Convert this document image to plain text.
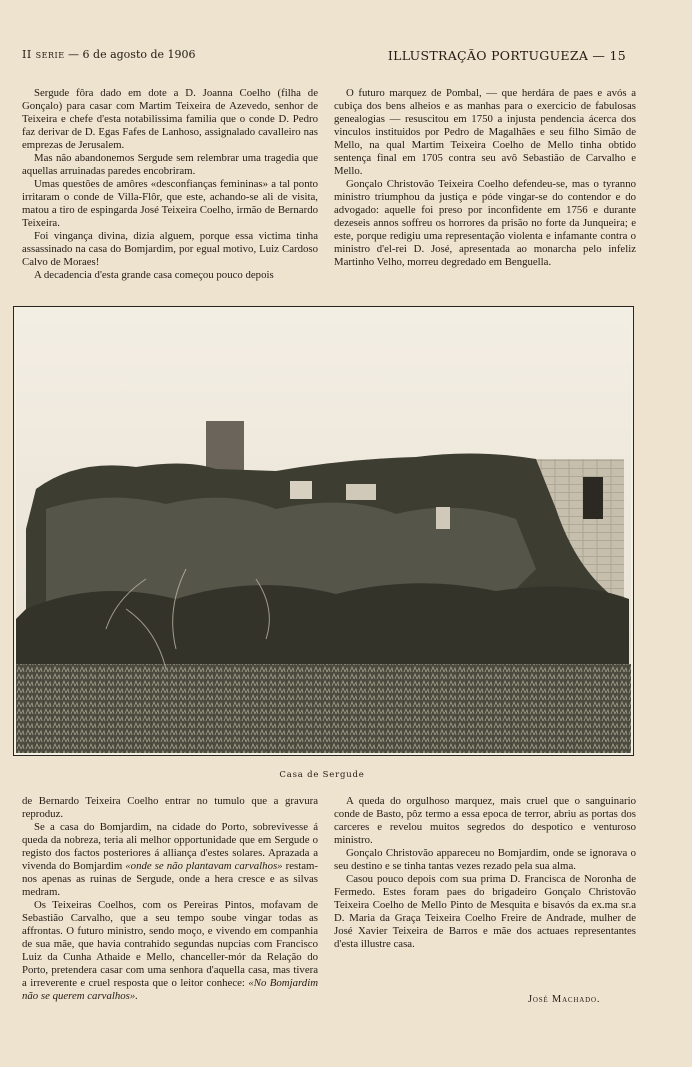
II serie — 6 de agosto de 1906	ILLUSTRAÇÃO PORTUGUEZA — 15

Sergude fôra dado em dote a D. Joanna Coelho (filha de Gonçalo) para casar com Martim Teixeira de Azevedo, senhor de Teixeira e chefe d'esta notabilissima familia que o conde D. Pedro faz derivar de D. Egas Fafes de Lanhoso, assignalado cavalleiro nas emprezas de Jerusalem.

Mas não abandonemos Sergude sem relembrar uma tragedia que aquellas arruinadas paredes encobriram.

Umas questões de amôres «desconfianças femininas» a tal ponto irritaram o conde de Villa-Flôr, que este, achando-se ali de visita, matou a tiro de espingarda José Teixeira Coelho, irmão de Bernardo Teixeira.

Foi vingança divina, dizia alguem, porque essa victima tinha assassinado na casa do Bomjardim, por egual motivo, Luiz Cardoso Calvo de Moraes!

A decadencia d'esta grande casa começou pouco depois

O futuro marquez de Pombal, — que herdára de paes e avós a cubiça dos bens alheios e as manhas para o exercicio de fabulosas genealogias — resuscitou em 1750 a injusta pendencia ácerca dos vinculos instituidos por Pedro de Magalhães e seu filho Simão de Mello, na qual Martim Teixeira Coelho de Mello tinha obtido sentença final em 1705 contra seu avô Sebastião de Carvalho e Mello.

Gonçalo Christovão Teixeira Coelho defendeu-se, mas o tyranno ministro triumphou da justiça e póde vingar-se do contendor e do advogado: aquelle foi preso por inconfidente em 1756 e durante dezeseis annos soffreu os horrores da prisão no forte da Junqueira; e este, porque redigiu uma representação violenta e infamante contra o ministro d'el-rei D. José, apresentada ao monarcha pelo infeliz Martinho Velho, morreu degredado em Benguella.

Casa de Sergude

de Bernardo Teixeira Coelho entrar no tumulo que a gravura reproduz.

Se a casa do Bomjardim, na cidade do Porto, sobrevivesse á queda da nobreza, teria ali melhor opportunidade que em Sergude o registo dos factos posteriores á alliança d'estes solares. Aprazada a vivenda do Bomjardim «onde se não plantavam carvalhos» restam-nos apenas as ruinas de Sergude, onde a hera cresce e as silvas medram.

Os Teixeiras Coelhos, com os Pereiras Pintos, mofavam de Sebastião Carvalho, que a seu tempo soube vingar todas as affrontas. O futuro ministro, sendo moço, e vivendo em companhia de sua mãe, que havia contrahido segundas nupcias com Francisco Luiz da Cunha Athaide e Mello, chanceller-mór da Relação do Porto, pretendera casar com uma senhora d'aquella casa, mas tivera a irreverente e cruel resposta que o leitor conhece: «No Bomjardim não se querem carvalhos».

A queda do orgulhoso marquez, mais cruel que o sanguinario conde de Basto, pôz termo a essa epoca de terror, abriu as portas dos carceres e revelou muitos segredos do despotico e venturoso ministro.

Gonçalo Christovão appareceu no Bomjardim, onde se ignorava o seu destino e se tinha tantas vezes rezado pela sua alma.

Casou pouco depois com sua prima D. Francisca de Noronha de Fermedo. Estes foram paes do brigadeiro Gonçalo Christovão Teixeira Coelho de Mello Pinto de Mesquita e bisavós da ex.ma sr.a D. Maria da Graça Teixeira Coelho Freire de Andrade, mulher de José Xavier Teixeira de Barros e mãe dos actuaes representantes d'esta illustre casa.

José Machado.
